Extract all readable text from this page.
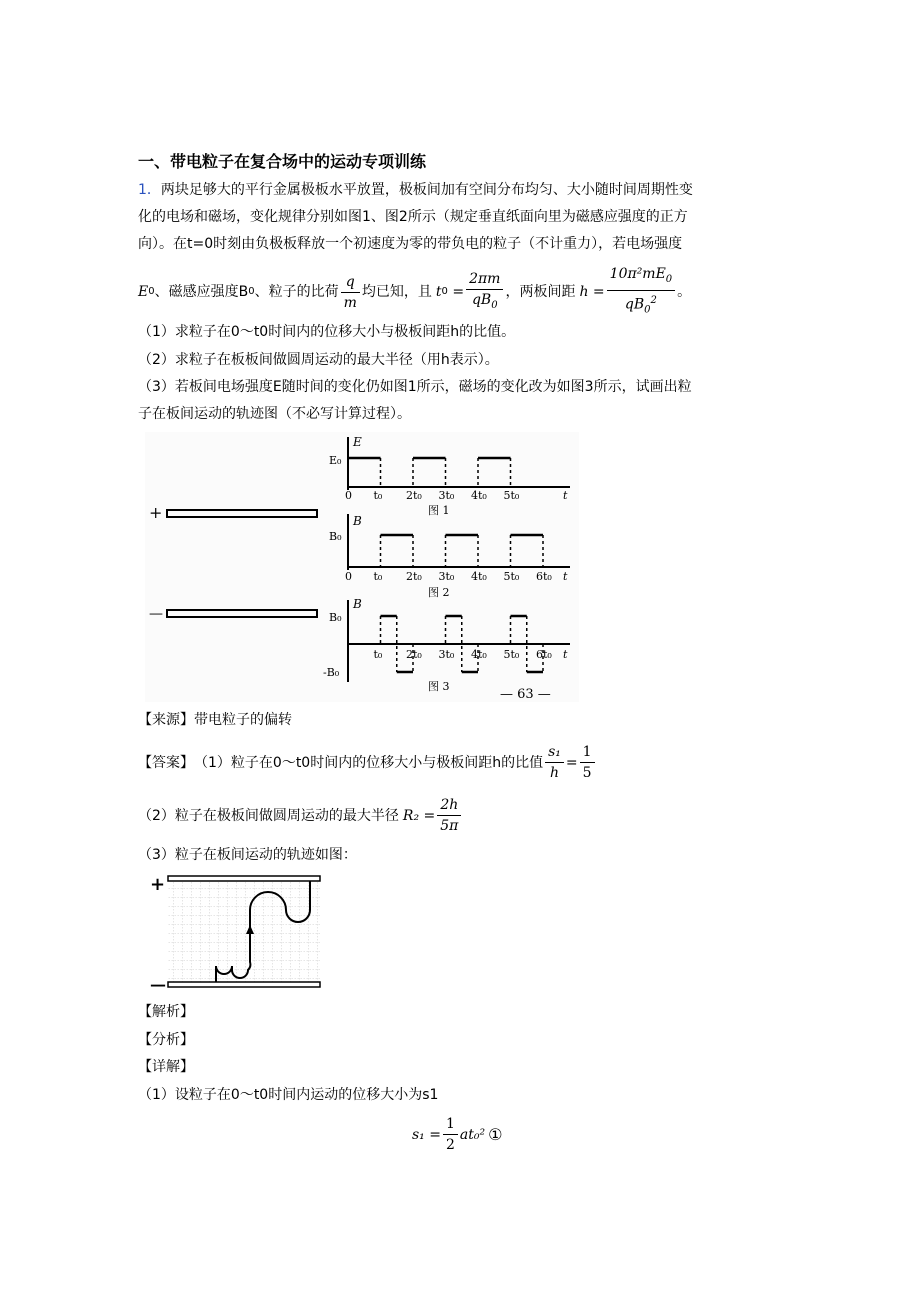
一、带电粒子在复合场中的运动专项训练
1．两块足够大的平行金属极板水平放置，极板间加有空间分布均匀、大小随时间周期性变
化的电场和磁场，变化规律分别如图1、图2所示（规定垂直纸面向里为磁感应强度的正方
向）。在t=0时刻由负极板释放一个初速度为零的带负电的粒子（不计重力），若电场强度
E 0 、磁感应强度B 0 、粒子的比荷 $\frac{q}{m}$ 均已知，且 t $0 = \frac{2\pi m}{qB_0}$ ，两板间距 $h = \frac{10\pi^2mE_0}{qB_0^2}$ 。
（1）求粒子在0～t0时间内的位移大小与极板间距h的比值。
（2）求粒子在板板间做圆周运动的最大半径（用h表示）。
（3）若板间电场强度E随时间的变化仍如图1所示，磁场的变化改为如图3所示，试画出粒
子在板间运动的轨迹图（不必写计算过程）。
+
—
E
E₀
0	t
t₀ 2t₀ 3t₀ 4t₀ 5t₀
图 1
B
B₀
0	t
t₀ 2t₀ 3t₀ 4t₀ 5t₀ 6t₀
图 2
B
B₀
-B₀
t
t₀ 2t₀ 3t₀ 4t₀ 5t₀ 6t₀
图 3
— 63 —
【来源】带电粒子的偏转
【答案】 （1）粒子在0～t0时间内的位移大小与极板间距h的比值 $\frac{\text{s₁}}{h} = \frac{1}{5}$
（2）粒子在极板间做圆周运动的最大半径 $R_2 = \frac{2h}{5\pi}$
（3）粒子在板间运动的轨迹如图：
+
—
【解析】
【分析】
【详解】
（1）设粒子在0～t0时间内运动的位移大小为s1
$s_1 = \frac{1}{2} at_0^2$ ①
